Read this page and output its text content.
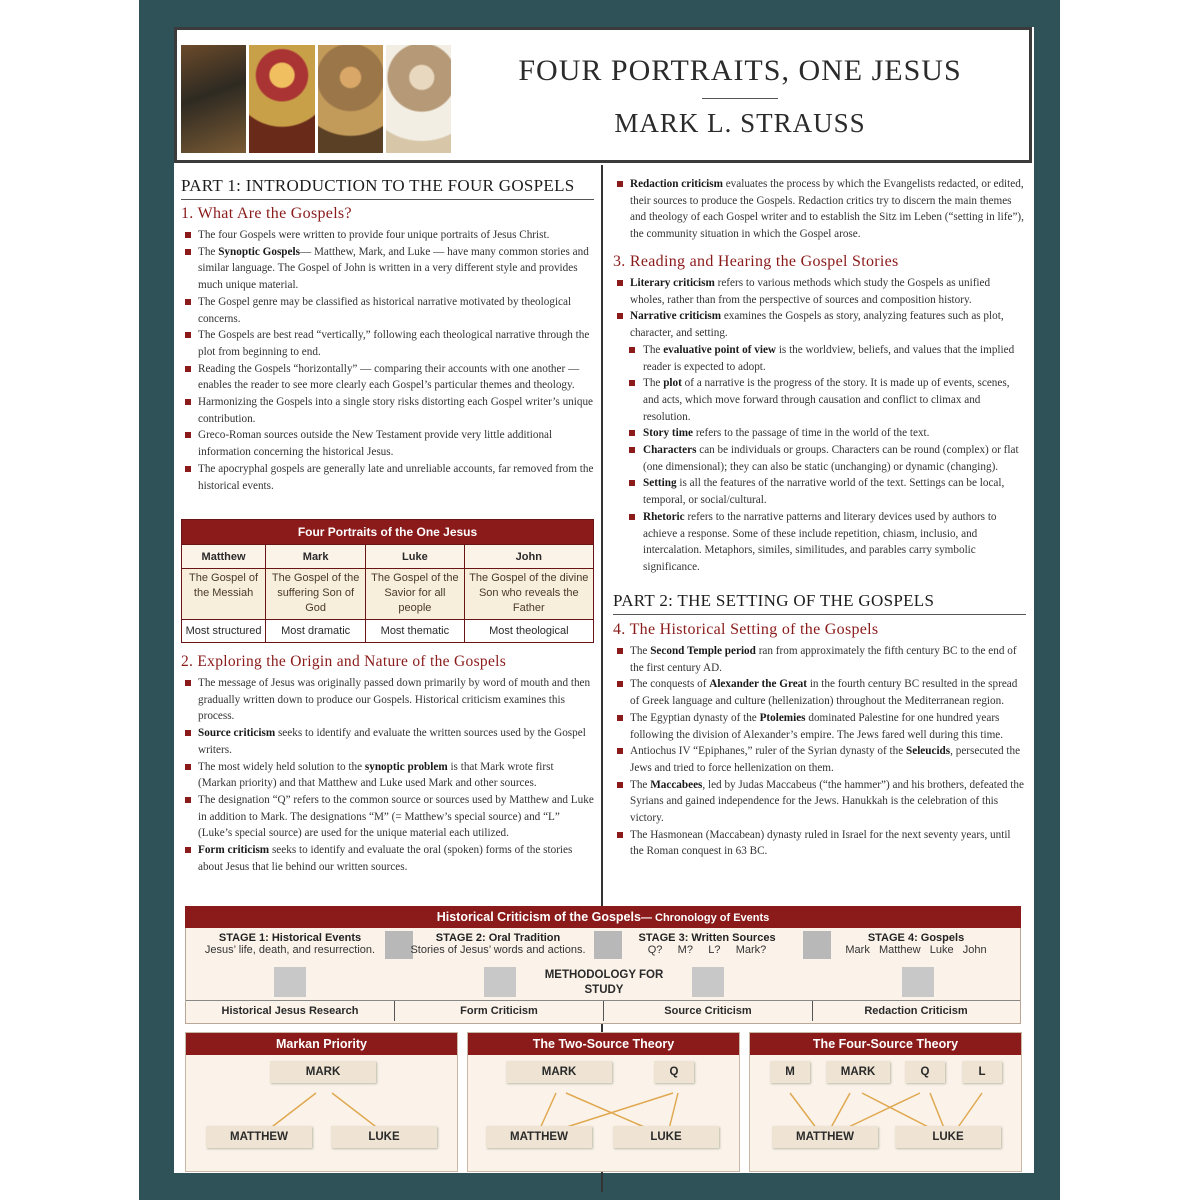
FOUR PORTRAITS, ONE JESUS
MARK L. STRAUSS
PART 1: INTRODUCTION TO THE FOUR GOSPELS
1. What Are the Gospels?
The four Gospels were written to provide four unique portraits of Jesus Christ.
The Synoptic Gospels— Matthew, Mark, and Luke — have many common stories and similar language. The Gospel of John is written in a very different style and provides much unique material.
The Gospel genre may be classified as historical narrative motivated by theological concerns.
The Gospels are best read “vertically,” following each theological narrative through the plot from beginning to end.
Reading the Gospels “horizontally” — comparing their accounts with one another — enables the reader to see more clearly each Gospel’s particular themes and theology.
Harmonizing the Gospels into a single story risks distorting each Gospel writer’s unique contribution.
Greco-Roman sources outside the New Testament provide very little additional information concerning the historical Jesus.
The apocryphal gospels are generally late and unreliable accounts, far removed from the historical events.
Four Portraits of the One Jesus			
Matthew	Mark	Luke	John
The Gospel of the Messiah	The Gospel of the suffering Son of God	The Gospel of the Savior for all people	The Gospel of the divine Son who reveals the Father
Most structured	Most dramatic	Most thematic	Most theological
2. Exploring the Origin and Nature of the Gospels
The message of Jesus was originally passed down primarily by word of mouth and then gradually written down to produce our Gospels. Historical criticism examines this process.
Source criticism seeks to identify and evaluate the written sources used by the Gospel writers.
The most widely held solution to the synoptic problem is that Mark wrote first (Markan priority) and that Matthew and Luke used Mark and other sources.
The designation “Q” refers to the common source or sources used by Matthew and Luke in addition to Mark. The designations “M” (= Matthew’s special source) and “L” (Luke’s special source) are used for the unique material each utilized.
Form criticism seeks to identify and evaluate the oral (spoken) forms of the stories about Jesus that lie behind our written sources.
Redaction criticism evaluates the process by which the Evangelists redacted, or edited, their sources to produce the Gospels. Redaction critics try to discern the main themes and theology of each Gospel writer and to establish the Sitz im Leben (“setting in life”), the community situation in which the Gospel arose.
3. Reading and Hearing the Gospel Stories
Literary criticism refers to various methods which study the Gospels as unified wholes, rather than from the perspective of sources and composition history.
Narrative criticism examines the Gospels as story, analyzing features such as plot, character, and setting.
The evaluative point of view is the worldview, beliefs, and values that the implied reader is expected to adopt.
The plot of a narrative is the progress of the story. It is made up of events, scenes, and acts, which move forward through causation and conflict to climax and resolution.
Story time refers to the passage of time in the world of the text.
Characters can be individuals or groups. Characters can be round (complex) or flat (one dimensional); they can also be static (unchanging) or dynamic (changing).
Setting is all the features of the narrative world of the text. Settings can be local, temporal, or social/cultural.
Rhetoric refers to the narrative patterns and literary devices used by authors to achieve a response. Some of these include repetition, chiasm, inclusio, and intercalation. Metaphors, similes, similitudes, and parables carry symbolic significance.
PART 2: THE SETTING OF THE GOSPELS
4. The Historical Setting of the Gospels
The Second Temple period ran from approximately the fifth century BC to the end of the first century AD.
The conquests of Alexander the Great in the fourth century BC resulted in the spread of Greek language and culture (hellenization) throughout the Mediterranean region.
The Egyptian dynasty of the Ptolemies dominated Palestine for one hundred years following the division of Alexander’s empire. The Jews fared well during this time.
Antiochus IV “Epiphanes,” ruler of the Syrian dynasty of the Seleucids, persecuted the Jews and tried to force hellenization on them.
The Maccabees, led by Judas Maccabeus (“the hammer”) and his brothers, defeated the Syrians and gained independence for the Jews. Hanukkah is the celebration of this victory.
The Hasmonean (Maccabean) dynasty ruled in Israel for the next seventy years, until the Roman conquest in 63 BC.
Historical Criticism of the Gospels— Chronology of Events
STAGE 1: Historical Events
Jesus’ life, death, and resurrection.
STAGE 2: Oral Tradition
Stories of Jesus’ words and actions.
STAGE 3: Written Sources
Q?     M?     L?     Mark?
STAGE 4: Gospels
Mark   Matthew   Luke   John
METHODOLOGY FOR STUDY
Historical Jesus Research	Form Criticism	Source Criticism	Redaction Criticism
Markan Priority
MARK
MATTHEW	LUKE
The Two-Source Theory
MARK	Q
MATTHEW	LUKE
The Four-Source Theory
M	MARK	Q	L
MATTHEW	LUKE
